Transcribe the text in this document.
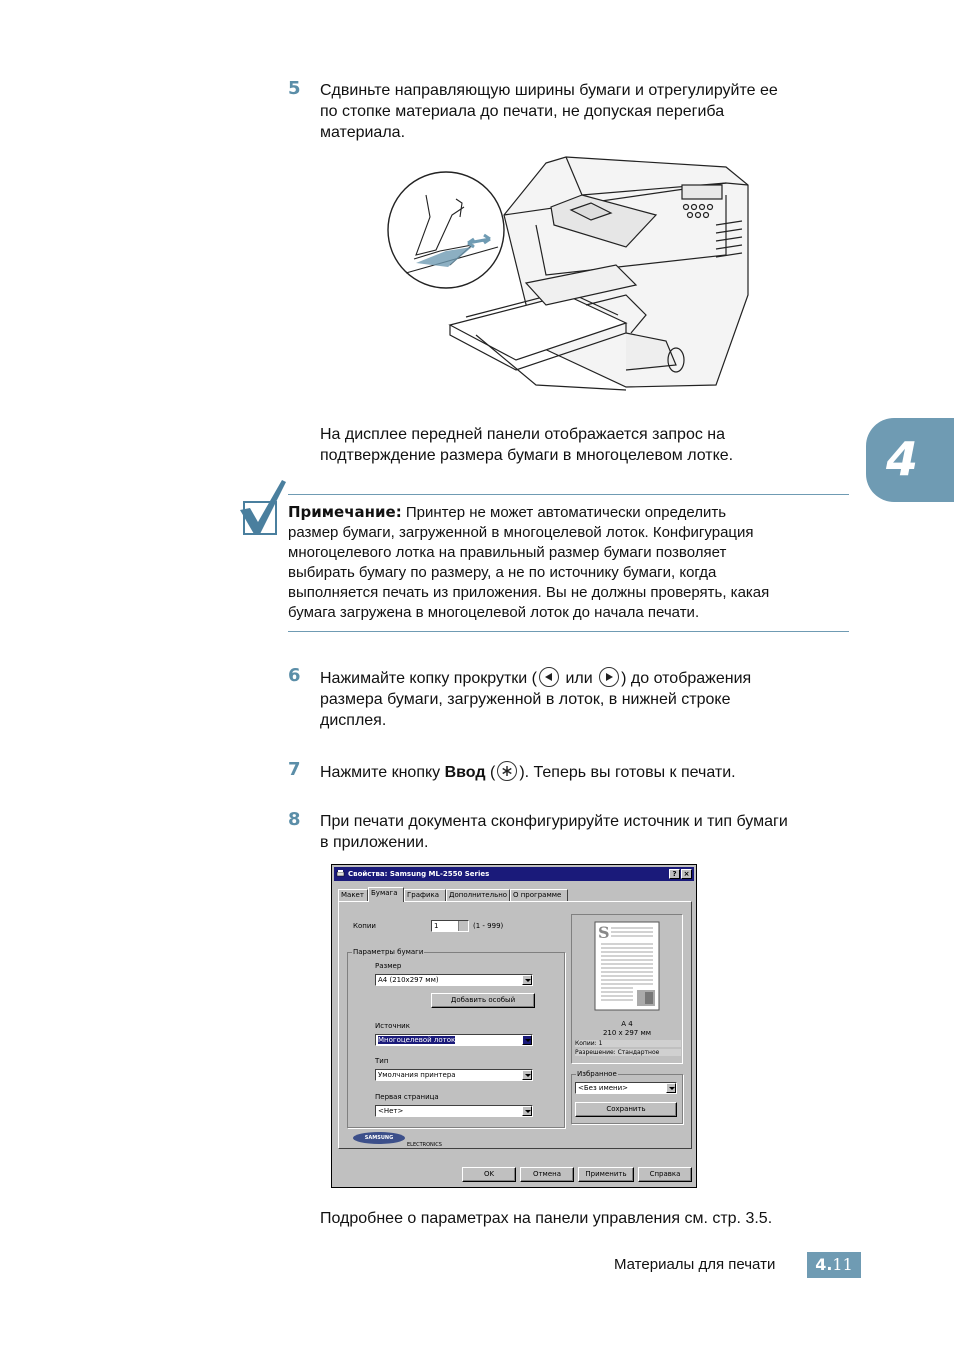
5 Сдвиньте направляющую ширины бумаги и отрегулируйте ее
по стопке материала до печати, не допуская перегиба
материала.
На дисплее передней панели отображается запрос на
подтверждение размера бумаги в многоцелевом лотке.	4
Примечание: Принтер не может автоматически определить
размер бумаги, загруженной в многоцелевой лоток. Конфигурация
многоцелевого лотка на правильный размер бумаги позволяет
выбирать бумагу по размеру, а не по источнику бумаги, когда
выполняется печать из приложения. Вы не должны проверять, какая
бумага загружена в многоцелевой лоток до начала печати.
6 Нажимайте копку прокрутки ( или ) до отображения
размера бумаги, загруженной в лоток, в нижней строке
дисплея.
7 Нажмите кнопку Ввод ( ). Теперь вы готовы к печати.
8 При печати документа сконфигурируйте источник и тип бумаги
в приложении.
Свойства: Samsung ML-2550 Series	?	×
Макет	Бумага	Графика	Дополнительно О программе
Копии	1	(1 - 999)
Параметры бумаги
Размер
A4 (210x297 мм)
Добавить особый
Источник
Многоцелевой лоток
Тип
Умолчания принтера
Первая страница
<Нет>
S
A 4
210 x 297 мм
Копии: 1
Разрешение: Стандартное
Избранное
<Без имени>
Сохранить
SAMSUNG
ELECTRONICS
OK	Отмена	Применить	Справка
Подробнее о параметрах на панели управления см. стр. 3.5.
Материалы для печати	4.11
